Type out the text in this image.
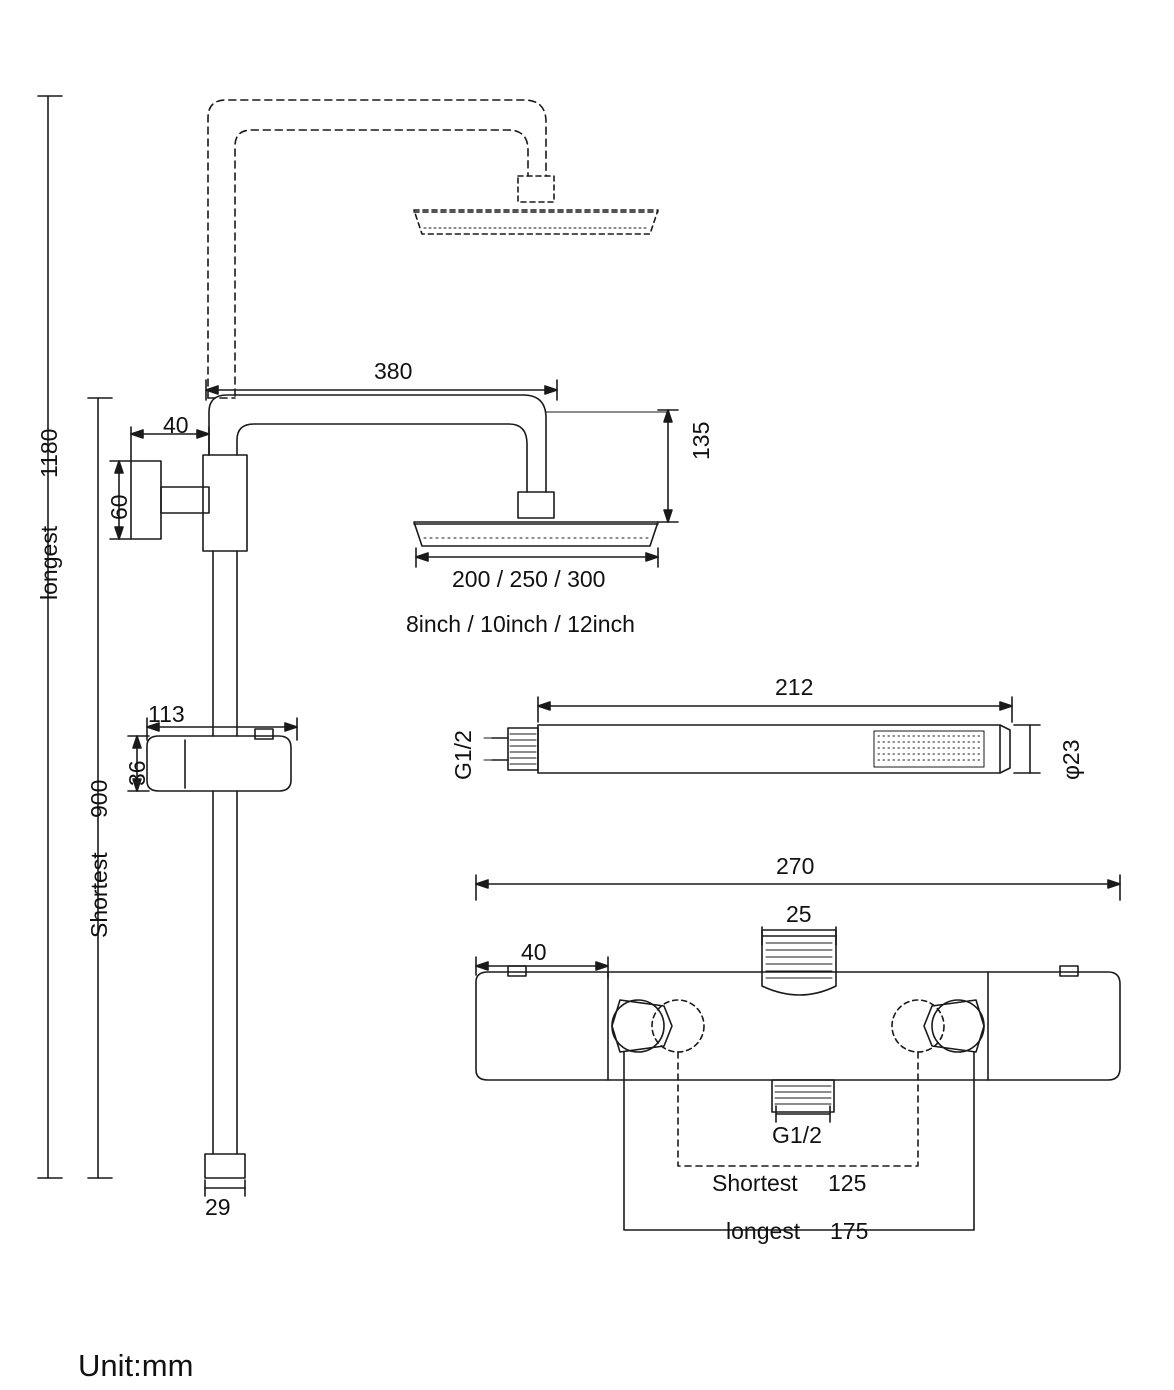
longest
1180
Shortest
900
40
60
380
135
200 / 250 / 300
8inch / 10inch / 12inch
113
36
29
212
φ23
G1/2
270
25
40
G1/2
Shortest 125
longest 175
Unit:mm
